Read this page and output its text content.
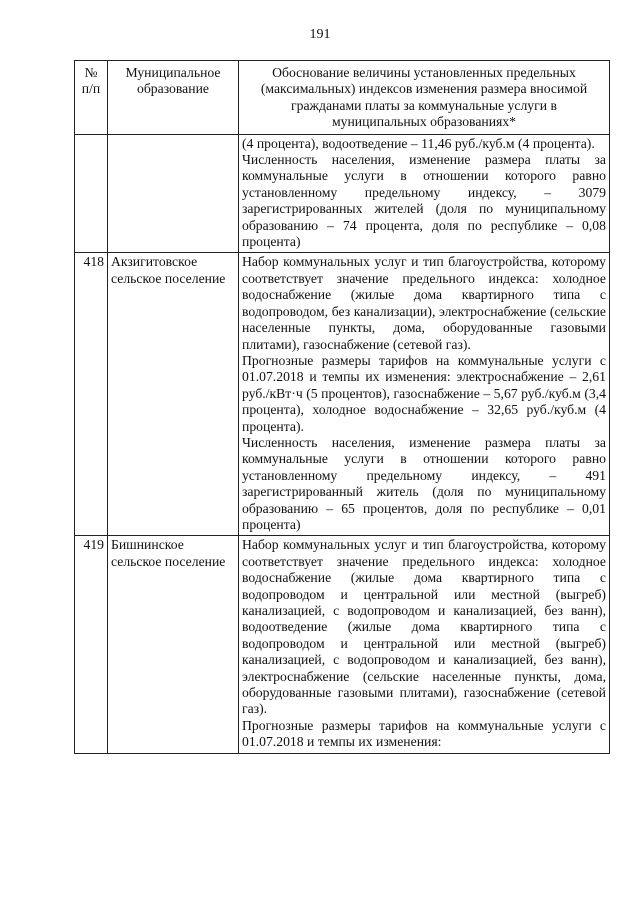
191
№ п/п	Муниципальное образование	Обоснование величины установленных предельных (максимальных) индексов изменения размера вносимой гражданами платы за коммунальные услуги в муниципальных образованиях*

		(4 процента), водоотведение – 11,46 руб./куб.м (4 процента).

Численность населения, изменение размера платы за коммунальные услуги в отношении которого равно установленному предельному индексу, – 3079 зарегистрированных жителей (доля по муниципальному образованию – 74 процента, доля по республике – 0,08 процента)

418	Акзигитовское сельское поселение	Набор коммунальных услуг и тип благоустройства, которому соответствует значение предельного индекса: холодное водоснабжение (жилые дома квартирного типа с водопроводом, без канализации), электроснабжение (сельские населенные пункты, дома, оборудованные газовыми плитами), газоснабжение (сетевой газ).

Прогнозные размеры тарифов на коммунальные услуги с 01.07.2018 и темпы их изменения: электроснабжение – 2,61 руб./кВт·ч (5 процентов), газоснабжение – 5,67 руб./куб.м (3,4 процента), холодное водоснабжение – 32,65 руб./куб.м (4 процента).

Численность населения, изменение размера платы за коммунальные услуги в отношении которого равно установленному предельному индексу, – 491 зарегистрированный житель (доля по муниципальному образованию – 65 процентов, доля по республике – 0,01 процента)

419	Бишнинское сельское поселение	Набор коммунальных услуг и тип благоустройства, которому соответствует значение предельного индекса: холодное водоснабжение (жилые дома квартирного типа с водопроводом и центральной или местной (выгреб) канализацией, с водопроводом и канализацией, без ванн), водоотведение (жилые дома квартирного типа с водопроводом и центральной или местной (выгреб) канализацией, с водопроводом и канализацией, без ванн), электроснабжение (сельские населенные пункты, дома, оборудованные газовыми плитами), газоснабжение (сетевой газ).

Прогнозные размеры тарифов на коммунальные услуги с 01.07.2018 и темпы их изменения:
